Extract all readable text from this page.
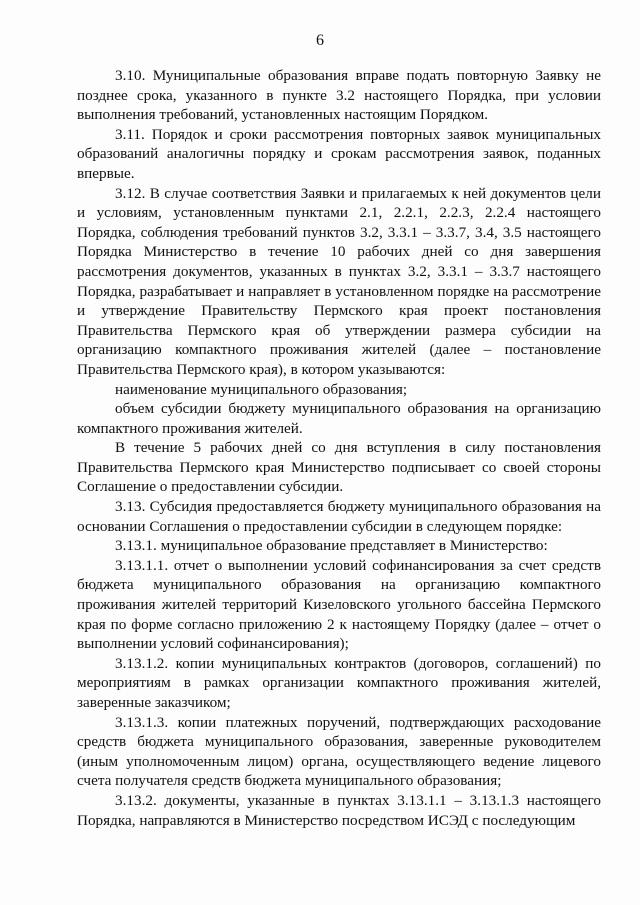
6

3.10. Муниципальные образования вправе подать повторную Заявку не позднее срока, указанного в пункте 3.2 настоящего Порядка, при условии выполнения требований, установленных настоящим Порядком.

3.11. Порядок и сроки рассмотрения повторных заявок муниципальных образований аналогичны порядку и срокам рассмотрения заявок, поданных впервые.

3.12. В случае соответствия Заявки и прилагаемых к ней документов цели и условиям, установленным пунктами 2.1, 2.2.1, 2.2.3, 2.2.4 настоящего Порядка, соблюдения требований пунктов 3.2, 3.3.1 – 3.3.7, 3.4, 3.5 настоящего Порядка Министерство в течение 10 рабочих дней со дня завершения рассмотрения документов, указанных в пунктах 3.2, 3.3.1 – 3.3.7 настоящего Порядка, разрабатывает и направляет в установленном порядке на рассмотрение и утверждение Правительству Пермского края проект постановления Правительства Пермского края об утверждении размера субсидии на организацию компактного проживания жителей (далее – постановление Правительства Пермского края), в котором указываются:

наименование муниципального образования;

объем субсидии бюджету муниципального образования на организацию компактного проживания жителей.

В течение 5 рабочих дней со дня вступления в силу постановления Правительства Пермского края Министерство подписывает со своей стороны Соглашение о предоставлении субсидии.

3.13. Субсидия предоставляется бюджету муниципального образования на основании Соглашения о предоставлении субсидии в следующем порядке:

3.13.1. муниципальное образование представляет в Министерство:

3.13.1.1. отчет о выполнении условий софинансирования за счет средств бюджета муниципального образования на организацию компактного проживания жителей территорий Кизеловского угольного бассейна Пермского края по форме согласно приложению 2 к настоящему Порядку (далее – отчет о выполнении условий софинансирования);

3.13.1.2. копии муниципальных контрактов (договоров, соглашений) по мероприятиям в рамках организации компактного проживания жителей, заверенные заказчиком;

3.13.1.3. копии платежных поручений, подтверждающих расходование средств бюджета муниципального образования, заверенные руководителем (иным уполномоченным лицом) органа, осуществляющего ведение лицевого счета получателя средств бюджета муниципального образования;

3.13.2. документы, указанные в пунктах 3.13.1.1 – 3.13.1.3 настоящего Порядка, направляются в Министерство посредством ИСЭД с последующим
